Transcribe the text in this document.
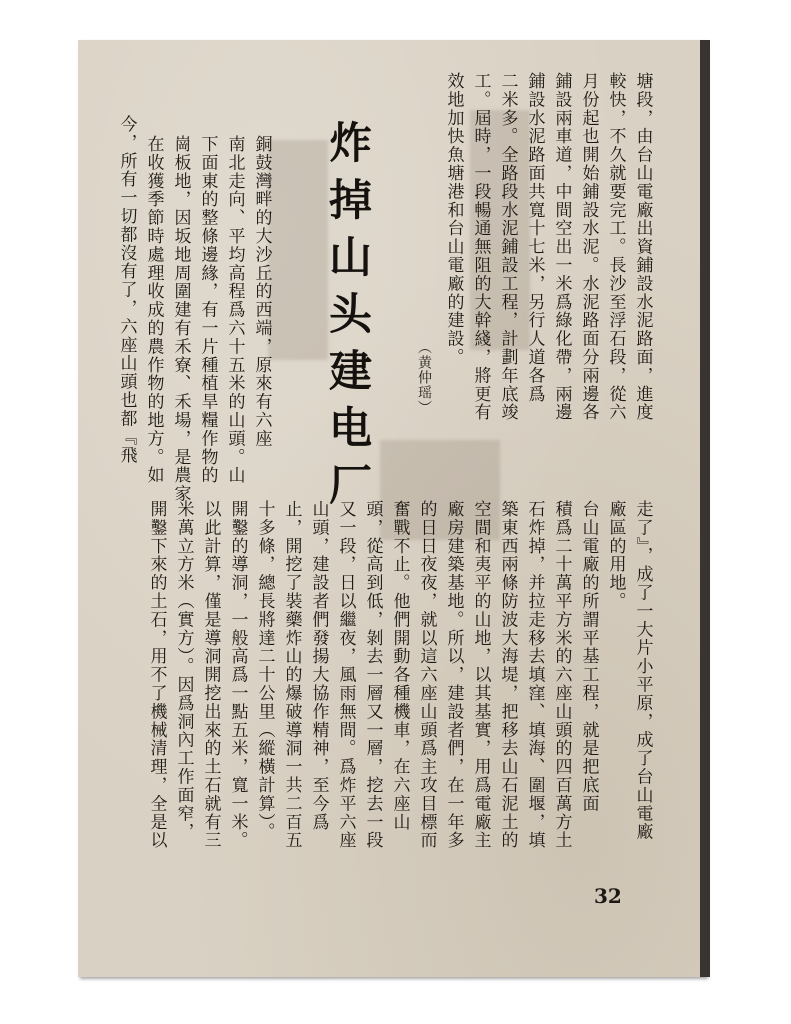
塘段，由台山電廠出資鋪設水泥路面，進度
較快，不久就要完工。長沙至浮石段，從六
月份起也開始鋪設水泥。水泥路面分兩邊各
鋪設兩車道，中間空出一米爲綠化帶，兩邊
鋪設水泥路面共寬十七米，另行人道各爲
二米多。全路段水泥鋪設工程，計劃年底竣
工。屆時，一段暢通無阻的大幹綫，將更有
效地加快魚塘港和台山電廠的建設。
（黄仲瑶）
炸掉山头建电厂
銅鼓灣畔的大沙丘的西端，原來有六座
南北走向、平均高程爲六十五米的山頭。山
下面東的整條邊緣，有一片種植旱糧作物的
崗板地，因坂地周圍建有禾寮、禾場，是農家
在收獲季節時處理收成的農作物的地方。如
今，所有一切都沒有了，六座山頭也都『飛
走了』，成了一大片小平原，成了台山電廠
廠區的用地。
台山電廠的所謂平基工程，就是把底面
積爲二十萬平方米的六座山頭的四百萬方土
石炸掉，并拉走移去填窪、填海、圍堰，填
築東西兩條防波大海堤，把移去山石泥土的
空間和夷平的山地，以其基實，用爲電廠主
廠房建築基地。所以，建設者們，在一年多
的日日夜夜，就以這六座山頭爲主攻目標而
奮戰不止。他們開動各種機車，在六座山
頭，從高到低，剝去一層又一層，挖去一段
又一段，日以繼夜，風雨無間。爲炸平六座
山頭，建設者們發揚大協作精神，至今爲
止，開挖了裝藥炸山的爆破導洞一共二百五
十多條，總長將達二十公里（縱橫計算）。
開鑿的導洞，一般高爲一點五米，寬一米。
以此計算，僅是導洞開挖出來的土石就有三
米萬立方米（實方）。因爲洞內工作面窄，
開鑿下來的土石，用不了機械清理，全是以
32
